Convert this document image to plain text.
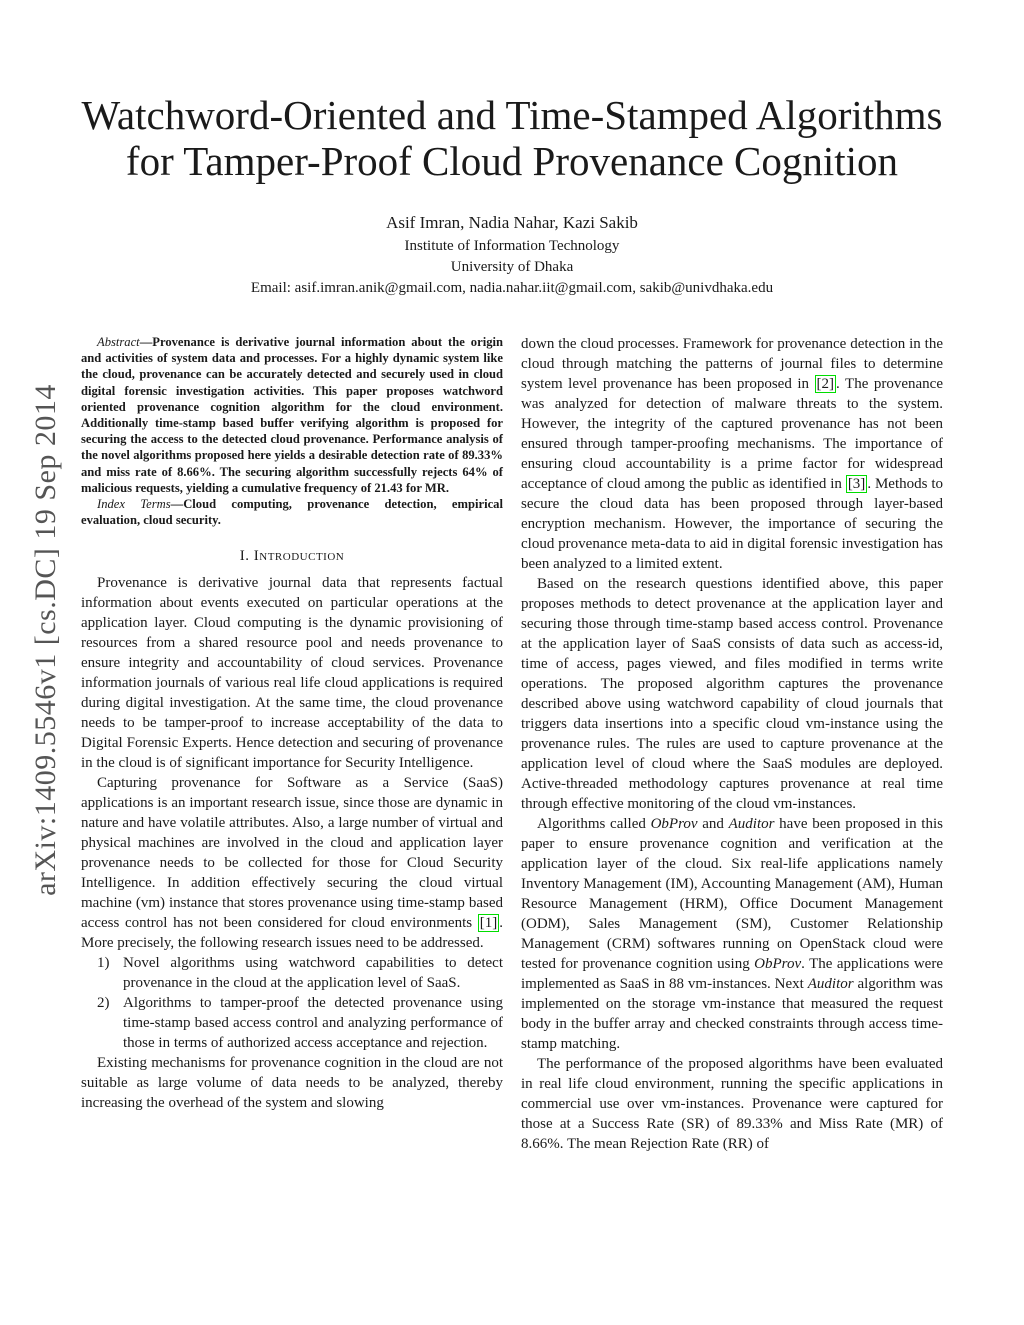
Watchword-Oriented and Time-Stamped Algorithms
for Tamper-Proof Cloud Provenance Cognition
Asif Imran, Nadia Nahar, Kazi Sakib
Institute of Information Technology
University of Dhaka
Email: asif.imran.anik@gmail.com, nadia.nahar.iit@gmail.com, sakib@univdhaka.edu
arXiv:1409.5546v1 [cs.DC] 19 Sep 2014

Abstract—Provenance is derivative journal information about the origin and activities of system data and processes. For a highly dynamic system like the cloud, provenance can be accurately detected and securely used in cloud digital forensic investigation activities. This paper proposes watchword oriented provenance cognition algorithm for the cloud environment. Additionally time-stamp based buffer verifying algorithm is proposed for securing the access to the detected cloud provenance. Performance analysis of the novel algorithms proposed here yields a desirable detection rate of 89.33% and miss rate of 8.66%. The securing algorithm successfully rejects 64% of malicious requests, yielding a cumulative frequency of 21.43 for MR.

Index Terms—Cloud computing, provenance detection, empirical evaluation, cloud security.

I. Introduction

Provenance is derivative journal data that represents factual information about events executed on particular operations at the application layer. Cloud computing is the dynamic provisioning of resources from a shared resource pool and needs provenance to ensure integrity and accountability of cloud services. Provenance information journals of various real life cloud applications is required during digital investigation. At the same time, the cloud provenance needs to be tamper-proof to increase acceptability of the data to Digital Forensic Experts. Hence detection and securing of provenance in the cloud is of significant importance for Security Intelligence.

Capturing provenance for Software as a Service (SaaS) applications is an important research issue, since those are dynamic in nature and have volatile attributes. Also, a large number of virtual and physical machines are involved in the cloud and application layer provenance needs to be collected for those for Cloud Security Intelligence. In addition effectively securing the cloud virtual machine (vm) instance that stores provenance using time-stamp based access control has not been considered for cloud environments [1] . More precisely, the following research issues need to be addressed.

1) Novel algorithms using watchword capabilities to detect provenance in the cloud at the application level of SaaS.
2) Algorithms to tamper-proof the detected provenance using time-stamp based access control and analyzing performance of those in terms of authorized access acceptance and rejection.

Existing mechanisms for provenance cognition in the cloud are not suitable as large volume of data needs to be analyzed, thereby increasing the overhead of the system and slowing

down the cloud processes. Framework for provenance detection in the cloud through matching the patterns of journal files to determine system level provenance has been proposed in [2] . The provenance was analyzed for detection of malware threats to the system. However, the integrity of the captured provenance has not been ensured through tamper-proofing mechanisms. The importance of ensuring cloud accountability is a prime factor for widespread acceptance of cloud among the public as identified in [3] . Methods to secure the cloud data has been proposed through layer-based encryption mechanism. However, the importance of securing the cloud provenance meta-data to aid in digital forensic investigation has been analyzed to a limited extent.

Based on the research questions identified above, this paper proposes methods to detect provenance at the application layer and securing those through time-stamp based access control. Provenance at the application layer of SaaS consists of data such as access-id, time of access, pages viewed, and files modified in terms write operations. The proposed algorithm captures the provenance described above using watchword capability of cloud journals that triggers data insertions into a specific cloud vm-instance using the provenance rules. The rules are used to capture provenance at the application level of cloud where the SaaS modules are deployed. Active-threaded methodology captures provenance at real time through effective monitoring of the cloud vm-instances.

Algorithms called ObProv and Auditor have been proposed in this paper to ensure provenance cognition and verification at the application layer of the cloud. Six real-life applications namely Inventory Management (IM), Accounting Management (AM), Human Resource Management (HRM), Office Document Management (ODM), Sales Management (SM), Customer Relationship Management (CRM) softwares running on OpenStack cloud were tested for provenance cognition using ObProv. The applications were implemented as SaaS in 88 vm-instances. Next Auditor algorithm was implemented on the storage vm-instance that measured the request body in the buffer array and checked constraints through access time-stamp matching.

The performance of the proposed algorithms have been evaluated in real life cloud environment, running the specific applications in commercial use over vm-instances. Provenance were captured for those at a Success Rate (SR) of 89.33% and Miss Rate (MR) of 8.66%. The mean Rejection Rate (RR) of
